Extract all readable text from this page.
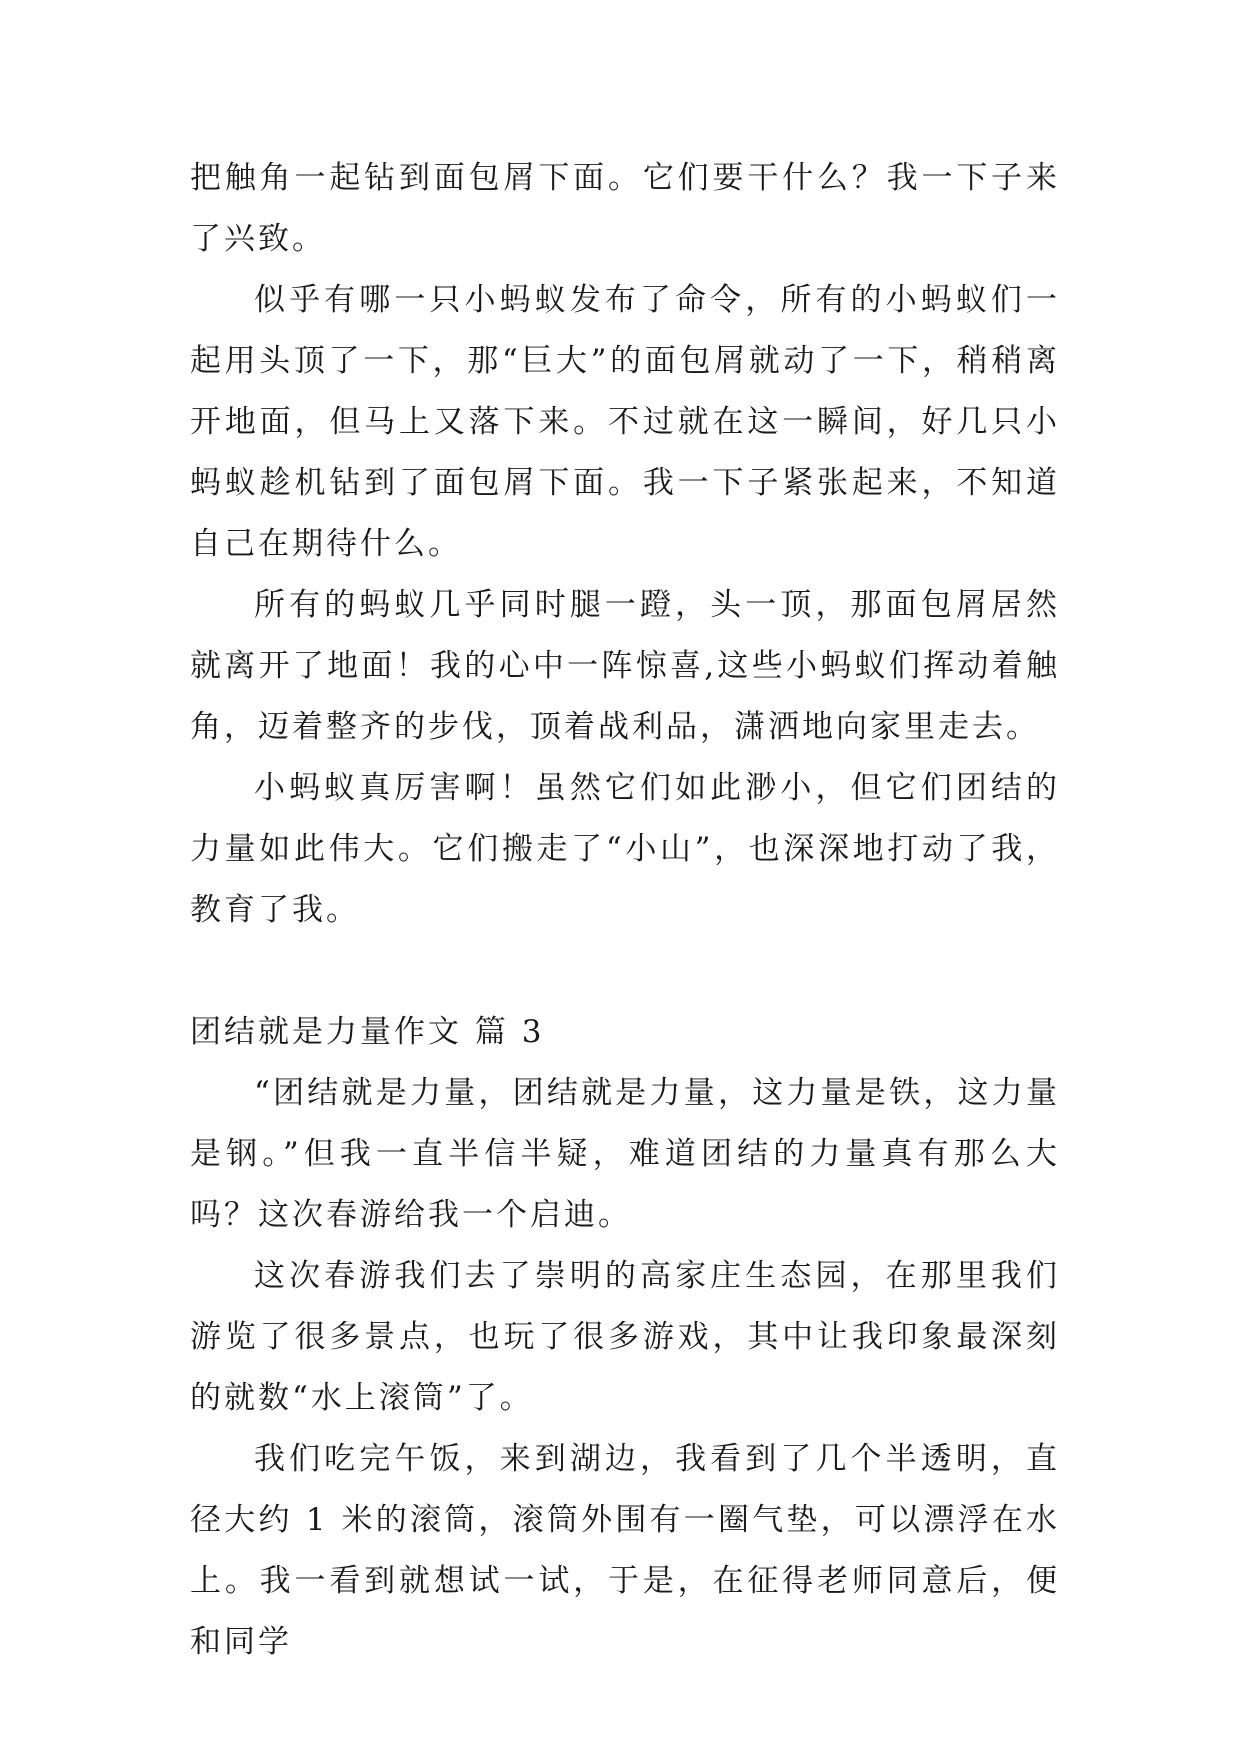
把触角一起钻到面包屑下面。它们要干什么？我一下子来了兴致。

似乎有哪一只小蚂蚁发布了命令，所有的小蚂蚁们一起用头顶了一下，那“巨大”的面包屑就动了一下，稍稍离开地面，但马上又落下来。不过就在这一瞬间，好几只小蚂蚁趁机钻到了面包屑下面。我一下子紧张起来，不知道自己在期待什么。

所有的蚂蚁几乎同时腿一蹬，头一顶，那面包屑居然就离开了地面！我的心中一阵惊喜,这些小蚂蚁们挥动着触角，迈着整齐的步伐，顶着战利品，潇洒地向家里走去。

小蚂蚁真厉害啊！虽然它们如此渺小，但它们团结的力量如此伟大。它们搬走了“小山”，也深深地打动了我，教育了我。

团结就是力量作文 篇 3

“团结就是力量，团结就是力量，这力量是铁，这力量是钢。”但我一直半信半疑，难道团结的力量真有那么大吗？这次春游给我一个启迪。

这次春游我们去了崇明的高家庄生态园，在那里我们游览了很多景点，也玩了很多游戏，其中让我印象最深刻的就数“水上滚筒”了。

我们吃完午饭，来到湖边，我看到了几个半透明，直径大约 1 米的滚筒，滚筒外围有一圈气垫，可以漂浮在水上。我一看到就想试一试，于是，在征得老师同意后，便和同学
